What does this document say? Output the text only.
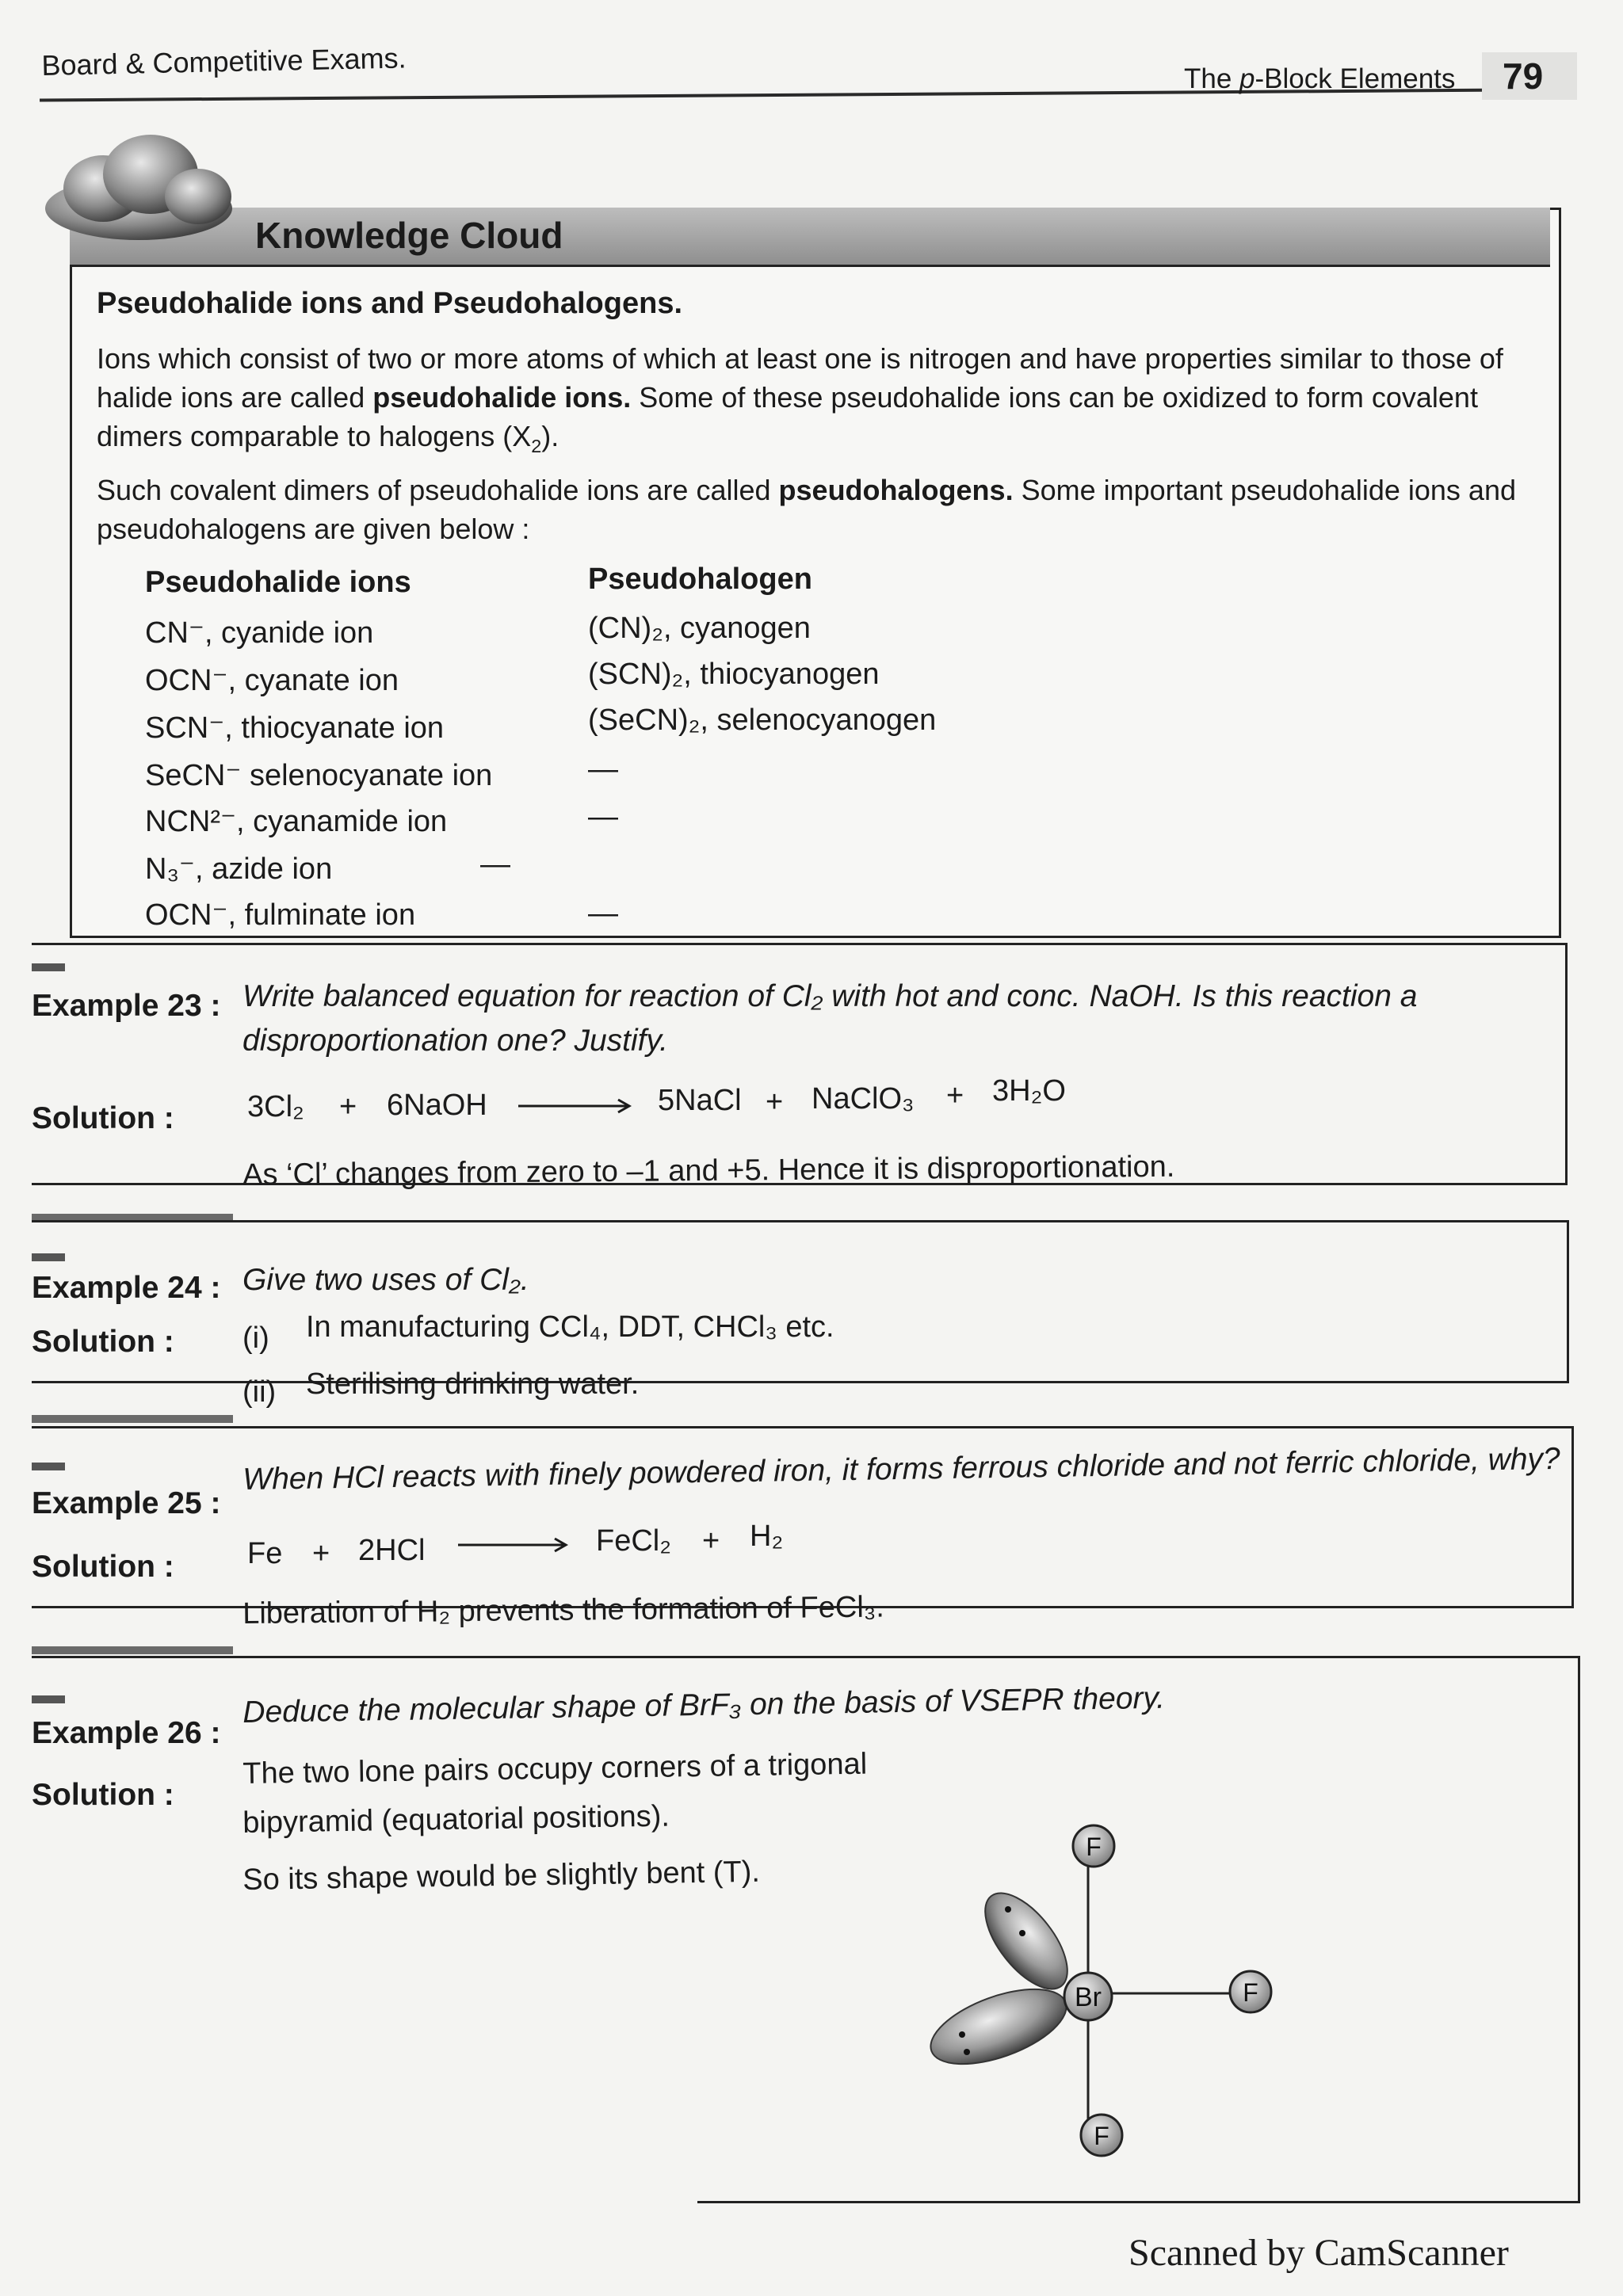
Board & Competitive Exams.	The p-Block Elements	79
Knowledge Cloud
Pseudohalide ions and Pseudohalogens.
Ions which consist of two or more atoms of which at least one is nitrogen and have properties similar to those of halide ions are called pseudohalide ions. Some of these pseudohalide ions can be oxidized to form covalent dimers comparable to halogens $(X_2)$.
Such covalent dimers of pseudohalide ions are called pseudohalogens. Some important pseudohalide ions and pseudohalogens are given below :
Pseudohalide ions	Pseudohalogen
CN⁻, cyanide ion	(CN)₂, cyanogen
OCN⁻, cyanate ion	(SCN)₂, thiocyanogen
SCN⁻, thiocyanate ion	(SeCN)₂, selenocyanogen
SeCN⁻ selenocyanate ion	—
NCN²⁻, cyanamide ion	—
N₃⁻, azide ion	—
OCN⁻, fulminate ion	—
Example 23 : Write balanced equation for reaction of Cl₂ with hot and conc. NaOH. Is this reaction a disproportionation one? Justify.
Solution : 3Cl₂ + 6NaOH	5NaCl + NaClO₃ + 3H₂O
As ‘Cl’ changes from zero to –1 and +5. Hence it is disproportionation.
Example 24 : Give two uses of Cl₂.
Solution : (i) In manufacturing CCl₄, DDT, CHCl₃ etc.
(ii) Sterilising drinking water.
Example 25 :
When HCl reacts with finely powdered iron, it forms ferrous chloride and not ferric chloride, why?
Solution : Fe + 2HCl	FeCl₂ + H₂
Liberation of H₂ prevents the formation of FeCl₃.
Example 26 :
Deduce the molecular shape of BrF₃ on the basis of VSEPR theory.
Solution :
The two lone pairs occupy corners of a trigonal
bipyramid (equatorial positions).
So its shape would be slightly bent (T).
F
Br	F
F
Scanned by CamScanner
